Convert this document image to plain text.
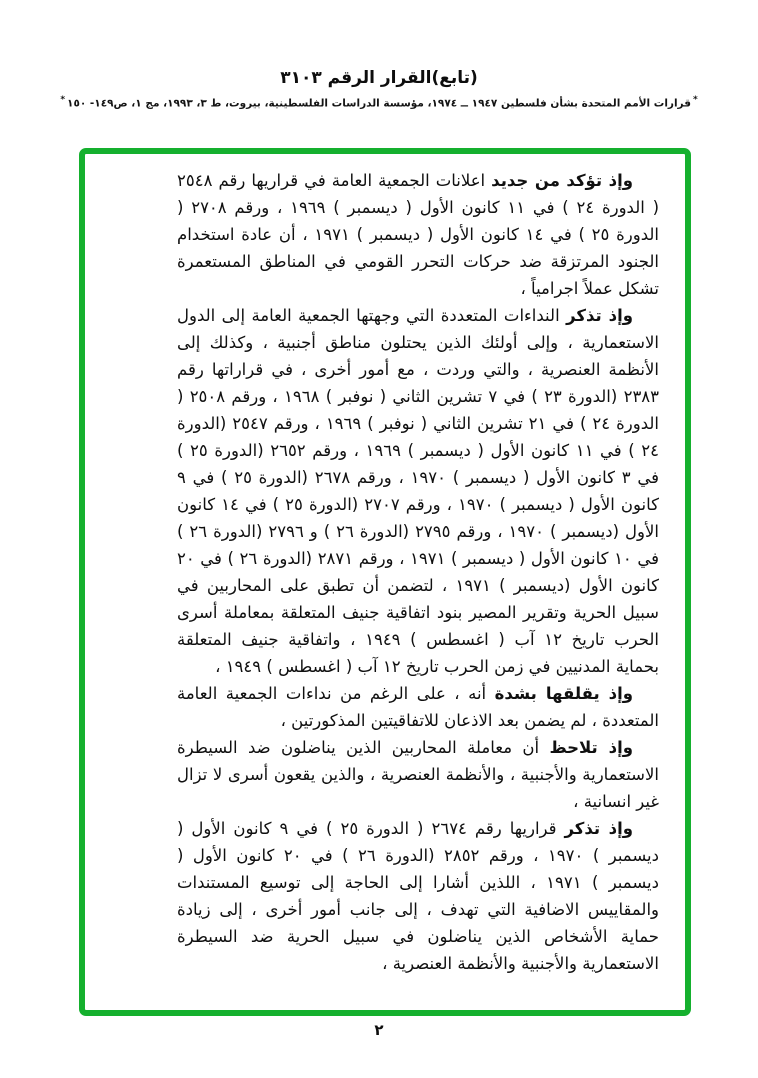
(تابع)القرار الرقم ٣١٠٣
*قرارات الأمم المتحدة بشأن فلسطين ١٩٤٧ ــ ١٩٧٤، مؤسسة الدراسات الفلسطينية، بيروت، ط ٣، ١٩٩٣، مج ١، ص١٤٩- ١٥٠*

وإذ تؤكد من جديد اعلانات الجمعية العامة في قراريها رقم ٢٥٤٨ ( الدورة ٢٤ ) في ١١ كانون الأول ( ديسمبر ) ١٩٦٩ ، ورقم ٢٧٠٨ ( الدورة ٢٥ ) في ١٤ كانون الأول ( ديسمبر ) ١٩٧١ ، أن عادة استخدام الجنود المرتزقة ضد حركات التحرر القومي في المناطق المستعمرة تشكل عملاً اجرامياً ،

وإذ تذكر النداءات المتعددة التي وجهتها الجمعية العامة إلى الدول الاستعمارية ، وإلى أولئك الذين يحتلون مناطق أجنبية ، وكذلك إلى الأنظمة العنصرية ، والتي وردت ، مع أمور أخرى ، في قراراتها رقم ٢٣٨٣ (الدورة ٢٣ ) في ٧ تشرين الثاني ( نوفبر ) ١٩٦٨ ، ورقم ٢٥٠٨ ( الدورة ٢٤ ) في ٢١ تشرين الثاني ( نوفبر ) ١٩٦٩ ، ورقم ٢٥٤٧ (الدورة ٢٤ ) في ١١ كانون الأول ( ديسمبر ) ١٩٦٩ ، ورقم ٢٦٥٢ (الدورة ٢٥ ) في ٣ كانون الأول ( ديسمبر ) ١٩٧٠ ، ورقم ٢٦٧٨ (الدورة ٢٥ ) في ٩ كانون الأول ( ديسمبر ) ١٩٧٠ ، ورقم ٢٧٠٧ (الدورة ٢٥ ) في ١٤ كانون الأول (ديسمبر ) ١٩٧٠ ، ورقم ٢٧٩٥ (الدورة ٢٦ ) و ٢٧٩٦ (الدورة ٢٦ ) في ١٠ كانون الأول ( ديسمبر ) ١٩٧١ ، ورقم ٢٨٧١ (الدورة ٢٦ ) في ٢٠ كانون الأول (ديسمبر ) ١٩٧١ ، لتضمن أن تطبق على المحاربين في سبيل الحرية وتقرير المصير بنود اتفاقية جنيف المتعلقة بمعاملة أسرى الحرب تاريخ ١٢ آب ( اغسطس ) ١٩٤٩ ، واتفاقية جنيف المتعلقة بحماية المدنيين في زمن الحرب تاريخ ١٢ آب ( اغسطس ) ١٩٤٩ ،

وإذ يقلقها بشدة أنه ، على الرغم من نداءات الجمعية العامة المتعددة ، لم يضمن بعد الاذعان للاتفاقيتين المذكورتين ،

وإذ تلاحظ أن معاملة المحاربين الذين يناضلون ضد السيطرة الاستعمارية والأجنبية ، والأنظمة العنصرية ، والذين يقعون أسرى لا تزال غير انسانية ،

وإذ تذكر قراريها رقم ٢٦٧٤ ( الدورة ٢٥ ) في ٩ كانون الأول ( ديسمبر ) ١٩٧٠ ، ورقم ٢٨٥٢ (الدورة ٢٦ ) في ٢٠ كانون الأول ( ديسمبر ) ١٩٧١ ، اللذين أشارا إلى الحاجة إلى توسيع المستندات والمقاييس الاضافية التي تهدف ، إلى جانب أمور أخرى ، إلى زيادة حماية الأشخاص الذين يناضلون في سبيل الحرية ضد السيطرة الاستعمارية والأجنبية والأنظمة العنصرية ،

٢
